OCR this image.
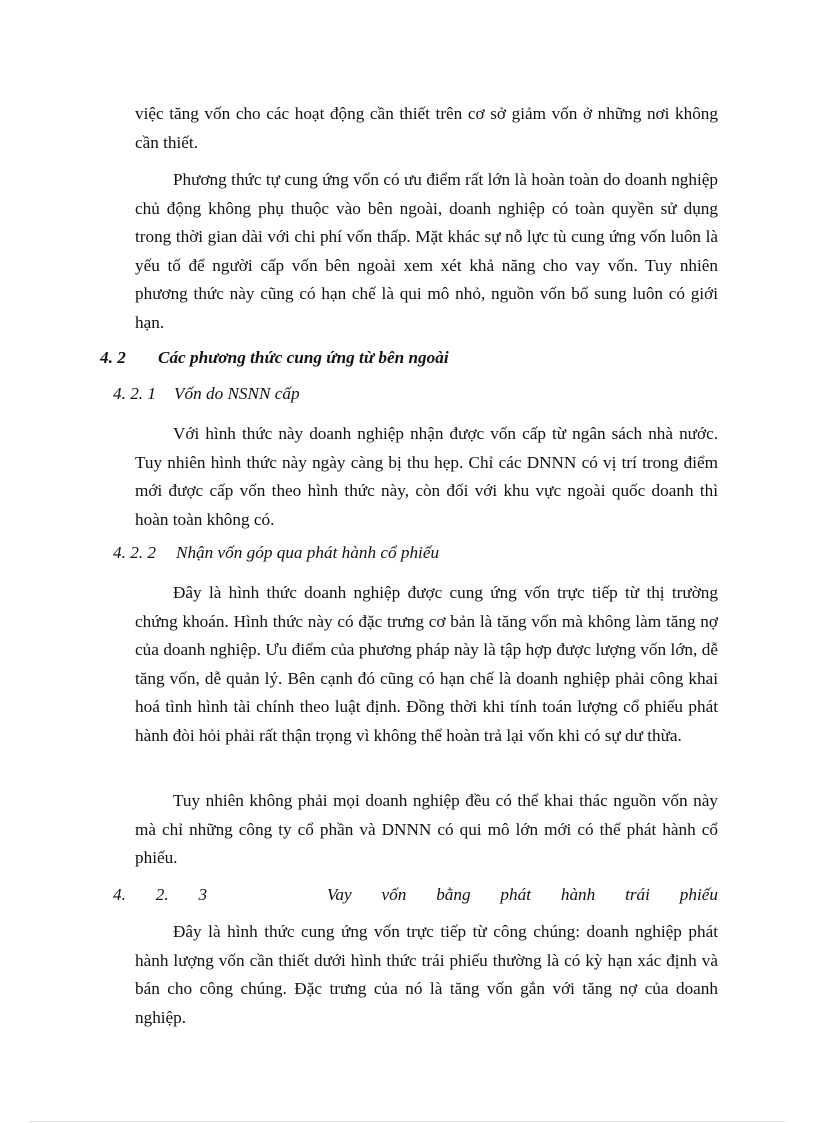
việc tăng vốn cho các hoạt động cần thiết trên cơ sở giảm vốn ở những nơi không cần thiết.

Phương thức tự cung ứng vốn có ưu điểm rất lớn là hoàn toàn do doanh nghiệp chủ động không phụ thuộc vào bên ngoài, doanh nghiệp có toàn quyền sử dụng trong thời gian dài với chi phí vốn thấp. Mặt khác sự nỗ lực tù cung ứng vốn luôn là yếu tố để người cấp vốn bên ngoài xem xét khả năng cho vay vốn. Tuy nhiên phương thức này cũng có hạn chế là qui mô nhỏ, nguồn vốn bổ sung luôn có giới hạn.

4. 2 Các phương thức cung ứng từ bên ngoài
4. 2. 1 Vốn do NSNN cấp

Với hình thức này doanh nghiệp nhận được vốn cấp từ ngân sách nhà nước. Tuy nhiên hình thức này ngày càng bị thu hẹp. Chỉ các DNNN có vị trí trong điểm mới được cấp vốn theo hình thức này, còn đối với khu vực ngoài quốc doanh thì hoàn toàn không có.

4. 2. 2 Nhận vốn góp qua phát hành cổ phiếu

Đây là hình thức doanh nghiệp được cung ứng vốn trực tiếp từ thị trường chứng khoán. Hình thức này có đặc trưng cơ bản là tăng vốn mà không làm tăng nợ của doanh nghiệp. Ưu điểm của phương pháp này là tập hợp được lượng vốn lớn, dễ tăng vốn, dễ quản lý. Bên cạnh đó cũng có hạn chế là doanh nghiệp phải công khai hoá tình hình tài chính theo luật định. Đồng thời khi tính toán lượng cổ phiếu phát hành đòi hỏi phải rất thận trọng vì không thể hoàn trả lại vốn khi có sự dư thừa.

Tuy nhiên không phải mọi doanh nghiệp đều có thể khai thác nguồn vốn này mà chỉ những công ty cổ phần và DNNN có qui mô lớn mới có thể phát hành cổ phiếu.

4. 2. 3	Vay vốn bằng phát hành trái phiếu

Đây là hình thức cung ứng vốn trực tiếp từ công chúng: doanh nghiệp phát hành lượng vốn cần thiết dưới hình thức trái phiếu thường là có kỳ hạn xác định và bán cho công chúng. Đặc trưng của nó là tăng vốn gắn với tăng nợ của doanh nghiệp.
